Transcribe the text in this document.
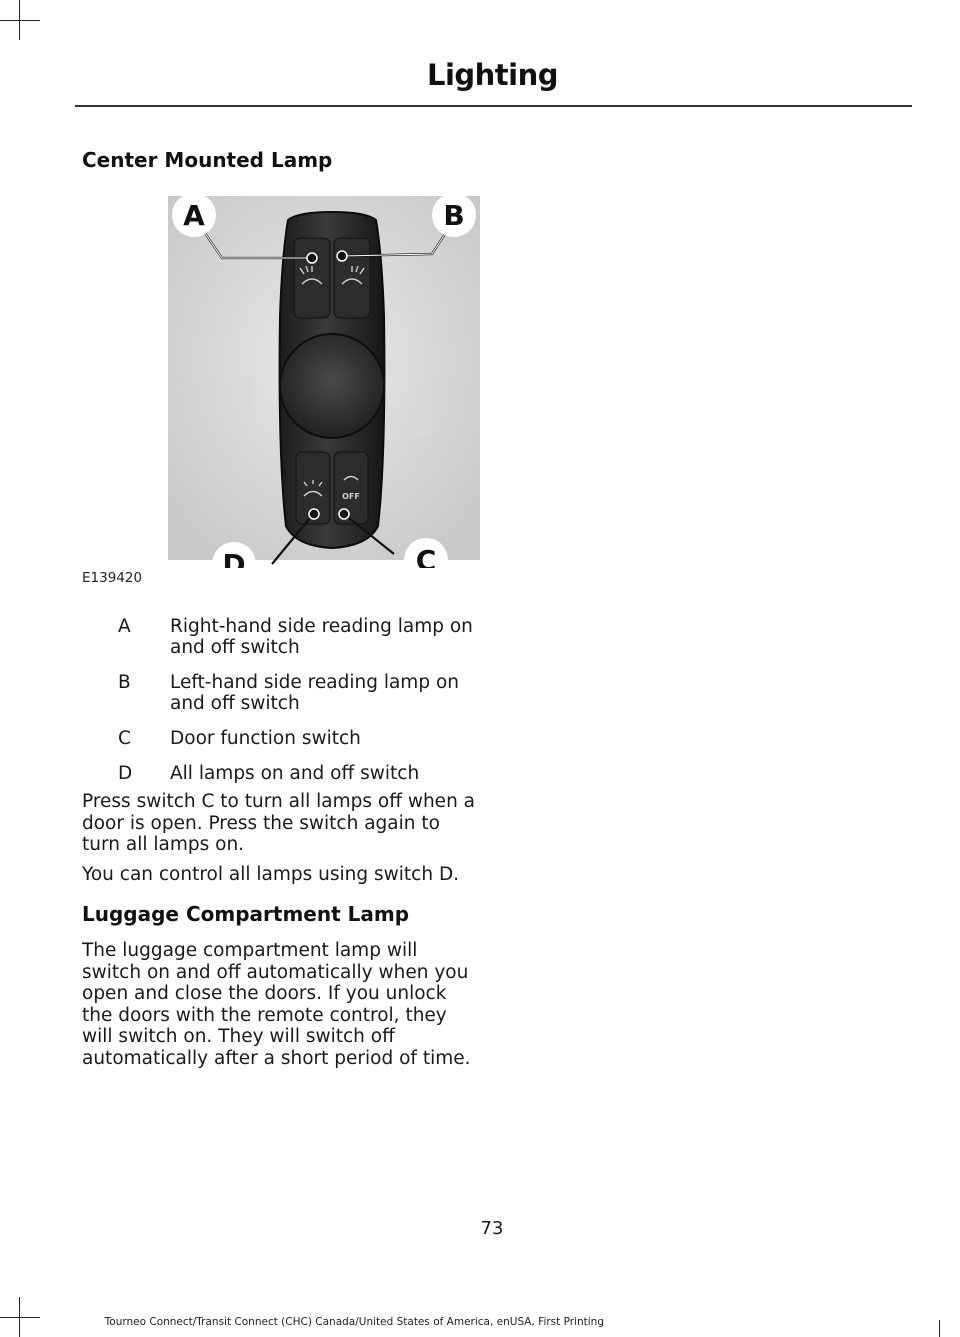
Lighting
Center Mounted Lamp
OFF
A	B
C
D
E139420
A Right-hand side reading lamp on and off switch
B Left-hand side reading lamp on and off switch
C Door function switch
D All lamps on and off switch

Press switch C to turn all lamps off when a door is open. Press the switch again to turn all lamps on.

You can control all lamps using switch D.

Luggage Compartment Lamp

The luggage compartment lamp will switch on and off automatically when you open and close the doors. If you unlock the doors with the remote control, they will switch on. They will switch off automatically after a short period of time.

73
Tourneo Connect/Transit Connect (CHC) Canada/United States of America, enUSA, First Printing
